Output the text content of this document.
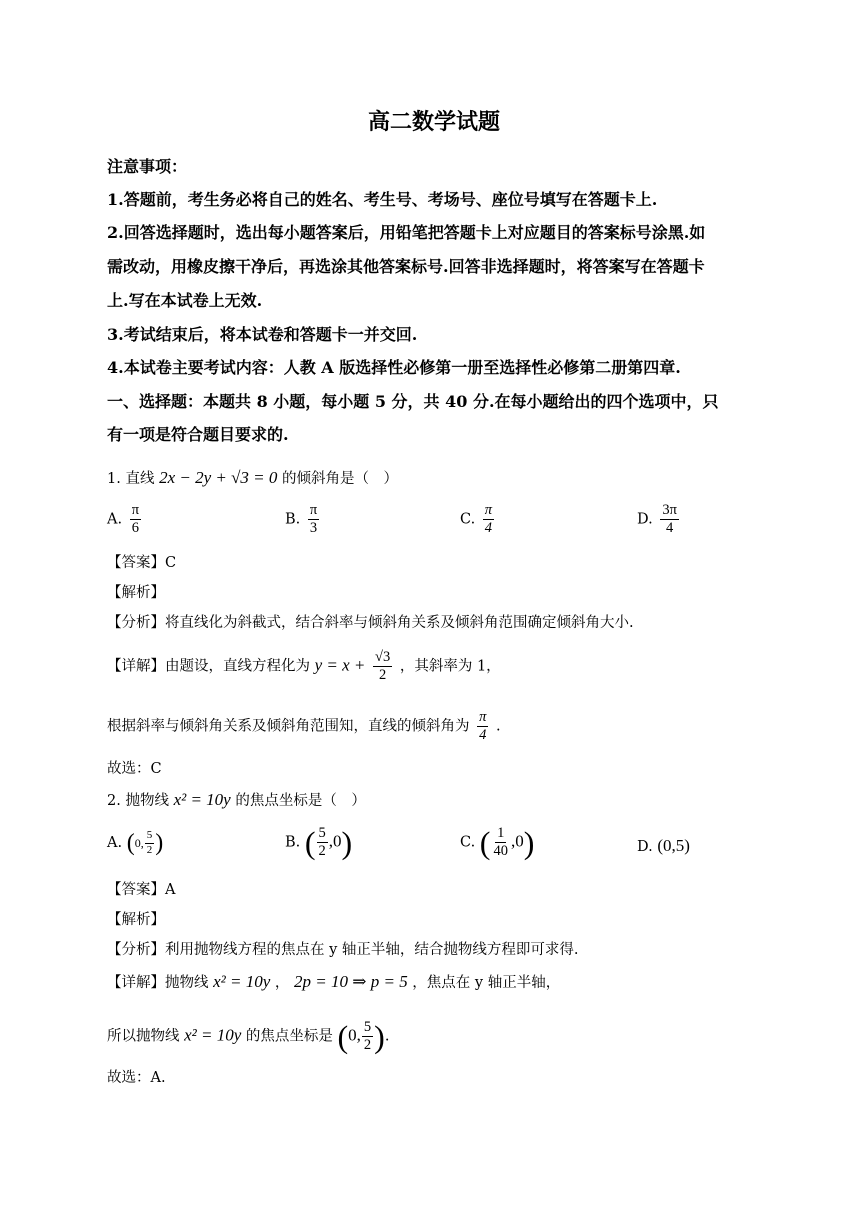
高二数学试题
注意事项：
1.答题前，考生务必将自己的姓名、考生号、考场号、座位号填写在答题卡上.
2.回答选择题时，选出每小题答案后，用铅笔把答题卡上对应题目的答案标号涂黑.如
需改动，用橡皮擦干净后，再选涂其他答案标号.回答非选择题时，将答案写在答题卡
上.写在本试卷上无效.
3.考试结束后，将本试卷和答题卡一并交回.
4.本试卷主要考试内容：人教 A 版选择性必修第一册至选择性必修第二册第四章.
一、选择题：本题共 8 小题，每小题 5 分，共 40 分.在每小题给出的四个选项中，只
有一项是符合题目要求的.
1. 直线 2x − 2y + √3 = 0 的倾斜角是（　）
A. $\frac{\pi}{6}$	B. $\frac{\pi}{3}$	C. $\frac{\pi}{4}$	D. $\frac{3\pi}{4}$
【答案】C
【解析】
【分析】将直线化为斜截式，结合斜率与倾斜角关系及倾斜角范围确定倾斜角大小.
【详解】由题设，直线方程化为 $y = x + \frac{√3}{2}$ ，其斜率为 1，
根据斜率与倾斜角关系及倾斜角范围知，直线的倾斜角为 $\frac{\pi}{4}$ .
故选：C
2. 抛物线 x² = 10y 的焦点坐标是（　）
A. (0, $\frac{5}{2}$ )	B. ( $\frac{5}{2} ,0$)	C. ( $\frac{1}{40} ,0$)	D. (0,5)
【答案】A
【解析】
【分析】利用抛物线方程的焦点在 y 轴正半轴，结合抛物线方程即可求得.
【详解】抛物线 x² = 10y ， 2p = 10 ⇒ p = 5 ，焦点在 y 轴正半轴，
所以抛物线 x² = 10y 的焦点坐标是 (0, $\frac{5}{2}$ ).
故选：A.
